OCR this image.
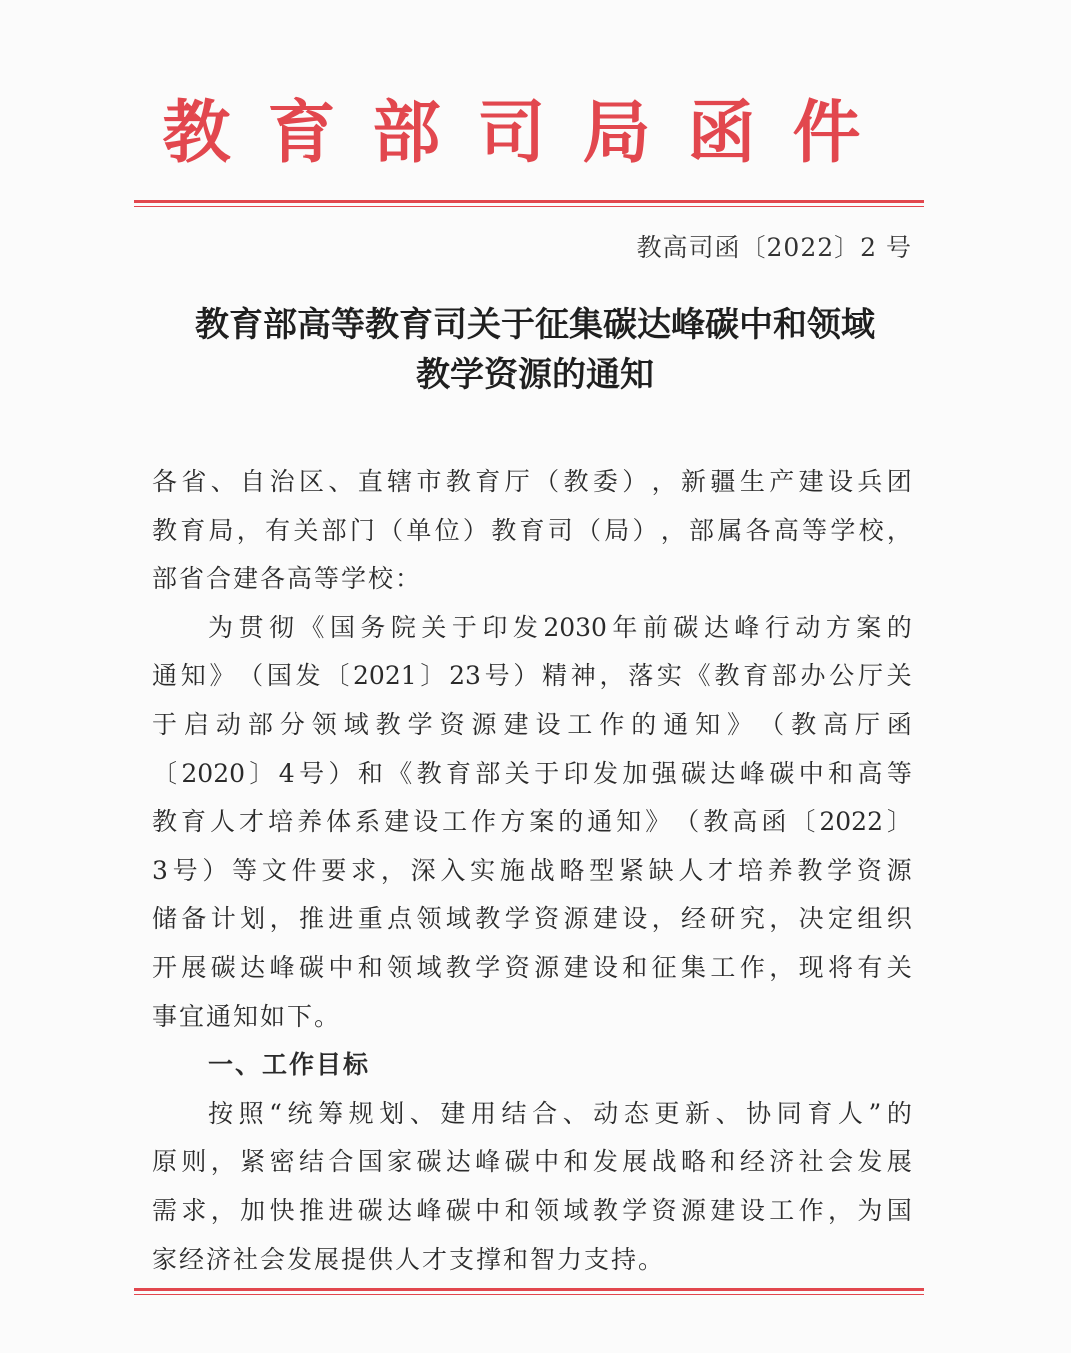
教育部司局函件
教高司函〔2022〕2 号
教育部高等教育司关于征集碳达峰碳中和领域
教学资源的通知
各 省 、 自 治 区 、 直 辖 市 教 育 厅 （ 教 委 ） ， 新 疆 生 产 建 设 兵 团
教 育 局 ， 有 关 部 门 （ 单 位 ） 教 育 司 （ 局 ） ， 部 属 各 高 等 学 校 ，
部省合建各高等学校：
为 贯 彻 《 国 务 院 关 于 印 发 2030 年 前 碳 达 峰 行 动 方 案 的
通 知 》 （ 国 发 〔 2021 〕 23 号 ） 精 神 ， 落 实 《 教 育 部 办 公 厅 关
于 启 动 部 分 领 域 教 学 资 源 建 设 工 作 的 通 知 》 （ 教 高 厅 函
〔 2020 〕 4 号 ） 和 《 教 育 部 关 于 印 发 加 强 碳 达 峰 碳 中 和 高 等
教 育 人 才 培 养 体 系 建 设 工 作 方 案 的 通 知 》 （ 教 高 函 〔 2022 〕
3 号 ） 等 文 件 要 求 ， 深 入 实 施 战 略 型 紧 缺 人 才 培 养 教 学 资 源
储 备 计 划 ， 推 进 重 点 领 域 教 学 资 源 建 设 ， 经 研 究 ， 决 定 组 织
开 展 碳 达 峰 碳 中 和 领 域 教 学 资 源 建 设 和 征 集 工 作 ， 现 将 有 关
事宜通知如下。
一、工作目标
按 照 “ 统 筹 规 划 、 建 用 结 合 、 动 态 更 新 、 协 同 育 人 ” 的
原 则 ， 紧 密 结 合 国 家 碳 达 峰 碳 中 和 发 展 战 略 和 经 济 社 会 发 展
需 求 ， 加 快 推 进 碳 达 峰 碳 中 和 领 域 教 学 资 源 建 设 工 作 ， 为 国
家经济社会发展提供人才支撑和智力支持。
